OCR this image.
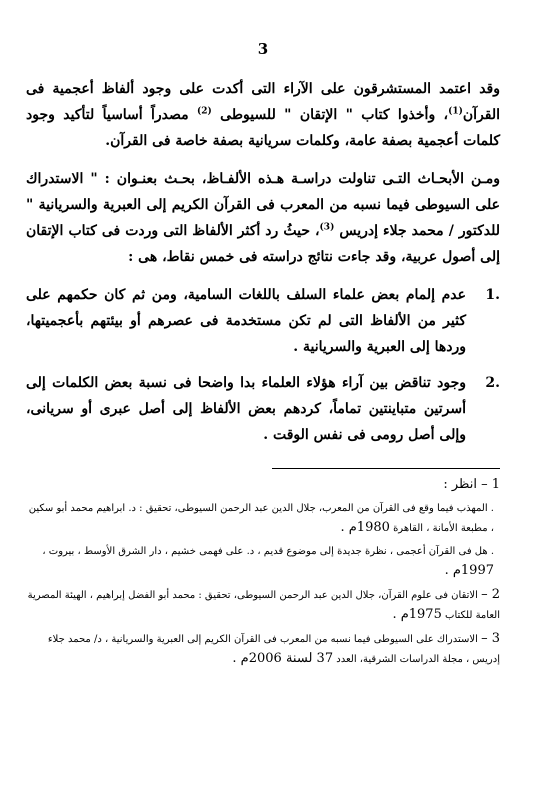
3

وقد اعتمد المستشرقون على الآراء التى أكدت على وجود ألفاظ أعجمية فى القرآن$^{(1)}$، وأخذوا كتاب " الإتقان " للسيوطى $^{(2)}$ مصدراً أساسياً لتأكيد وجود كلمات أعجمية بصفة عامة، وكلمات سريانية بصفة خاصة فى القرآن.

ومـن الأبحـاث التـى تناولت دراسـة هـذه الألفـاظ، بحـث بعنـوان : " الاستدراك على السيوطى فيما نسبه من المعرب فى القرآن الكريم إلى العبرية والسريانية " للدكتور / محمد جلاء إدريس $^{(3)}$، حيثُ رد أكثر الألفاظ التى وردت فى كتاب الإتقان إلى أصول عربية، وقد جاءت نتائج دراسته فى خمس نقاط، هى :

1.
عدم إلمام بعض علماء السلف باللغات السامية، ومن ثم كان حكمهم على كثير من الألفاظ التى لم تكن مستخدمة فى عصرهم أو بيئتهم بأعجميتها، وردها إلى العبرية والسريانية .
2.
وجود تناقض بين آراء هؤلاء العلماء بدا واضحا فى نسبة بعض الكلمات إلى أسرتين متباينتين تماماً، كردهم بعض الألفاظ إلى أصل عبرى أو سريانى، وإلى أصل رومى فى نفس الوقت .
1 – انظر :
. المهذب فيما وقع فى القرآن من المعرب، جلال الدين عبد الرحمن السيوطى، تحقيق : د. ابراهيم محمد أبو سكين ، مطبعة الأمانة ، القاهرة 1980م .
. هل فى القرآن أعجمى ، نظرة جديدة إلى موضوع قديم ، د. على فهمى خشيم ، دار الشرق الأوسط ، بيروت ، 1997م .
2 – الاتقان فى علوم القرآن، جلال الدين عبد الرحمن السيوطى، تحقيق : محمد أبو الفضل إبراهيم ، الهيئة المصرية العامة للكتاب 1975م .
3 – الاستدراك على السيوطى فيما نسبه من المعرب فى القرآن الكريم إلى العبرية والسريانية ، د/ محمد جلاء إدريس ، مجلة الدراسات الشرقية، العدد 37 لسنة 2006م .
